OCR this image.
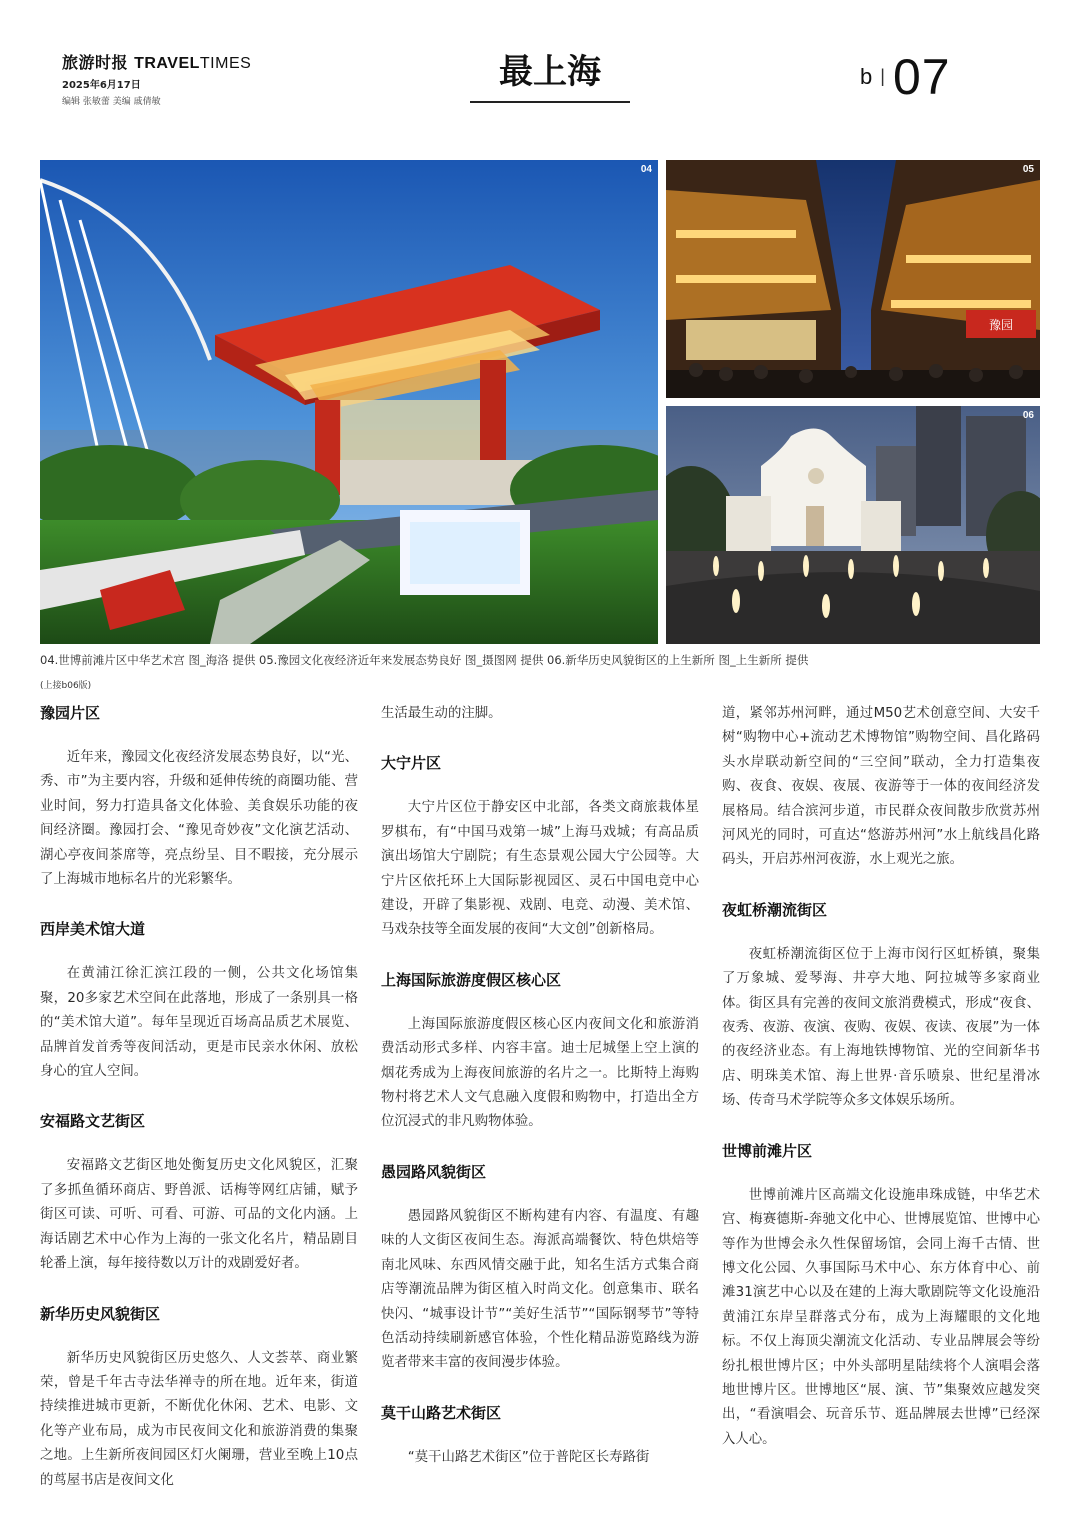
旅游时报 TRAVELTIMES
2025年6月17日
编辑 张敏蕾 美编 戚倩敏
最上海	b | 07
04
豫园
05
06
04.世博前滩片区中华艺术宫 图_海洛 提供 05.豫园文化夜经济近年来发展态势良好 图_摄图网 提供 06.新华历史风貌街区的上生新所 图_上生新所 提供
(上接b06版)
豫园片区

近年来，豫园文化夜经济发展态势良好，以“光、秀、市”为主要内容，升级和延伸传统的商圈功能、营业时间，努力打造具备文化体验、美食娱乐功能的夜间经济圈。豫园打会、“豫见奇妙夜”文化演艺活动、湖心亭夜间茶席等，亮点纷呈、目不暇接，充分展示了上海城市地标名片的光彩繁华。

西岸美术馆大道

在黄浦江徐汇滨江段的一侧，公共文化场馆集聚，20多家艺术空间在此落地，形成了一条别具一格的“美术馆大道”。每年呈现近百场高品质艺术展览、品牌首发首秀等夜间活动，更是市民亲水休闲、放松身心的宜人空间。

安福路文艺街区

安福路文艺街区地处衡复历史文化风貌区，汇聚了多抓鱼循环商店、野兽派、话梅等网红店铺，赋予街区可读、可听、可看、可游、可品的文化内涵。上海话剧艺术中心作为上海的一张文化名片，精品剧目轮番上演，每年接待数以万计的戏剧爱好者。

新华历史风貌街区

新华历史风貌街区历史悠久、人文荟萃、商业繁荣，曾是千年古寺法华禅寺的所在地。近年来，街道持续推进城市更新，不断优化休闲、艺术、电影、文化等产业布局，成为市民夜间文化和旅游消费的集聚之地。上生新所夜间园区灯火阑珊，营业至晚上10点的茑屋书店是夜间文化

生活最生动的注脚。

大宁片区

大宁片区位于静安区中北部，各类文商旅栽体星罗棋布，有“中国马戏第一城”上海马戏城；有高品质演出场馆大宁剧院；有生态景观公园大宁公园等。大宁片区依托环上大国际影视园区、灵石中国电竞中心建设，开辟了集影视、戏剧、电竞、动漫、美术馆、马戏杂技等全面发展的夜间“大文创”创新格局。

上海国际旅游度假区核心区

上海国际旅游度假区核心区内夜间文化和旅游消费活动形式多样、内容丰富。迪士尼城堡上空上演的烟花秀成为上海夜间旅游的名片之一。比斯特上海购物村将艺术人文气息融入度假和购物中，打造出全方位沉浸式的非凡购物体验。

愚园路风貌街区

愚园路风貌街区不断构建有内容、有温度、有趣味的人文街区夜间生态。海派高端餐饮、特色烘焙等南北风味、东西风情交融于此，知名生活方式集合商店等潮流品牌为街区植入时尚文化。创意集市、联名快闪、“城事设计节”“美好生活节”“国际钢琴节”等特色活动持续刷新感官体验，个性化精品游览路线为游览者带来丰富的夜间漫步体验。

莫干山路艺术街区

“莫干山路艺术街区”位于普陀区长寿路街

道，紧邻苏州河畔，通过M50艺术创意空间、大安千树“购物中心+流动艺术博物馆”购物空间、昌化路码头水岸联动新空间的“三空间”联动，全力打造集夜购、夜食、夜娱、夜展、夜游等于一体的夜间经济发展格局。结合滨河步道，市民群众夜间散步欣赏苏州河风光的同时，可直达“悠游苏州河”水上航线昌化路码头，开启苏州河夜游，水上观光之旅。

夜虹桥潮流街区

夜虹桥潮流街区位于上海市闵行区虹桥镇，聚集了万象城、爱琴海、井亭大地、阿拉城等多家商业体。街区具有完善的夜间文旅消费模式，形成“夜食、夜秀、夜游、夜演、夜购、夜娱、夜读、夜展”为一体的夜经济业态。有上海地铁博物馆、光的空间新华书店、明珠美术馆、海上世界·音乐喷泉、世纪星滑冰场、传奇马术学院等众多文体娱乐场所。

世博前滩片区

世博前滩片区高端文化设施串珠成链，中华艺术宫、梅赛德斯-奔驰文化中心、世博展览馆、世博中心等作为世博会永久性保留场馆，会同上海千古情、世博文化公园、久事国际马术中心、东方体育中心、前滩31演艺中心以及在建的上海大歌剧院等文化设施沿黄浦江东岸呈群落式分布，成为上海耀眼的文化地标。不仅上海顶尖潮流文化活动、专业品牌展会等纷纷扎根世博片区；中外头部明星陆续将个人演唱会落地世博片区。世博地区“展、演、节”集聚效应越发突出，“看演唱会、玩音乐节、逛品牌展去世博”已经深入人心。
